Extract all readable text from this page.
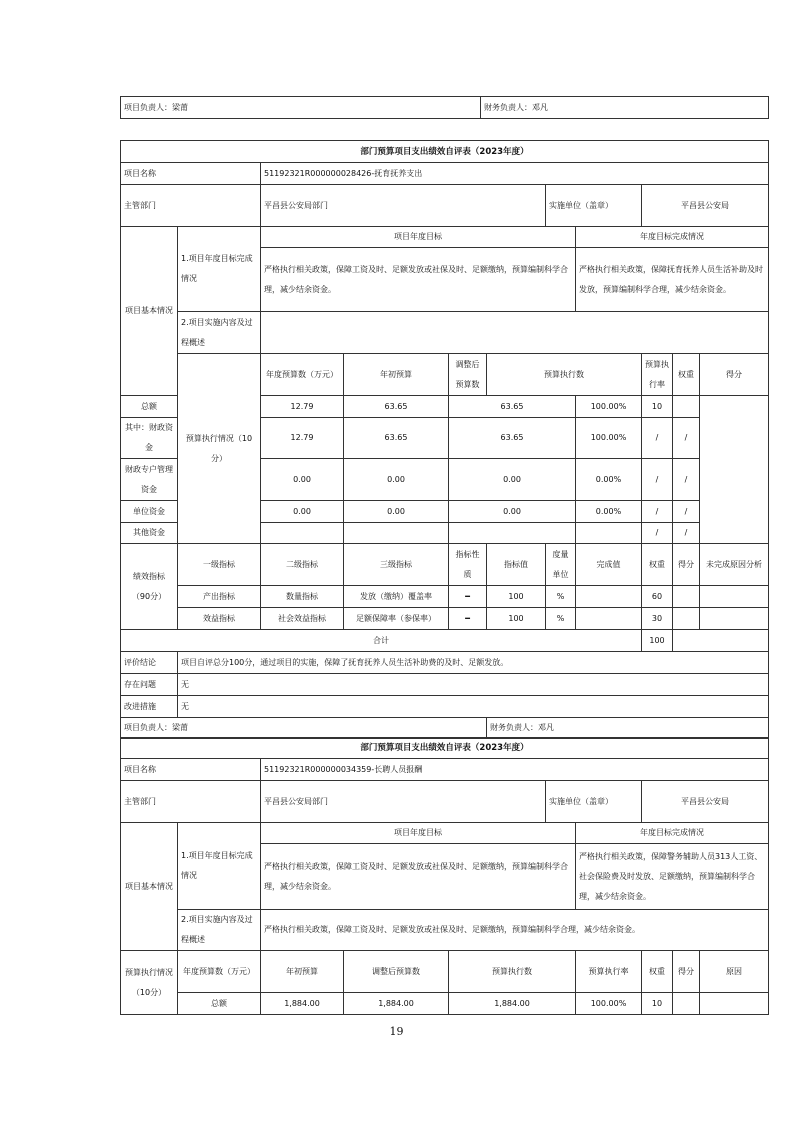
项目负责人：梁莆	财务负责人：邓凡
部门预算项目支出绩效自评表（2023年度）											
项目名称		51192321R000000028426-抚育抚养支出									
主管部门		平昌县公安局部门				实施单位（盖章）		平昌县公安局			
项目基本情况	1.项目年度目标完成情况	项目年度目标					年度目标完成情况				
		严格执行相关政策，保障工资及时、足额发放或社保及时、足额缴纳，预算编制科学合理，减少结余资金。					严格执行相关政策，保障抚育抚养人员生活补助及时发放，预算编制科学合理，减少结余资金。				
	2.项目实施内容及过程概述										
	预算执行情况（10分）	年度预算数（万元）	年初预算	调整后预算数	预算执行数			预算执行率	权重	得分	
总额		12.79	63.65	63.65			100.00%	10			
其中：财政资金		12.79	63.65	63.65			100.00%	/	/		
财政专户管理资金		0.00	0.00	0.00			0.00%	/	/		
单位资金		0.00	0.00	0.00			0.00%	/	/		
其他资金								/	/		
绩效指标（90分）	一级指标	二级指标	三级指标	指标性质	指标值	度量单位	完成值	权重	得分	未完成原因分析	
	产出指标	数量指标	发放（缴纳）覆盖率	━	100	%		60			
	效益指标	社会效益指标	足额保障率（参保率）	━	100	%		30			
合计								100			
评价结论	项目自评总分100分，通过项目的实施，保障了抚育抚养人员生活补助费的及时、足额发放。										
存在问题	无										
改进措施	无										
项目负责人：梁莆					财务负责人：邓凡						
部门预算项目支出绩效自评表（2023年度）									
项目名称		51192321R000000034359-长聘人员报酬							
主管部门		平昌县公安局部门			实施单位（盖章）		平昌县公安局		
项目基本情况	1.项目年度目标完成情况	项目年度目标				年度目标完成情况			
		严格执行相关政策，保障工资及时、足额发放或社保及时、足额缴纳，预算编制科学合理，减少结余资金。				严格执行相关政策，保障警务辅助人员313人工资、社会保险费及时发放、足额缴纳，预算编制科学合理，减少结余资金。			
	2.项目实施内容及过程概述	严格执行相关政策，保障工资及时、足额发放或社保及时、足额缴纳，预算编制科学合理，减少结余资金。							
预算执行情况（10分）	年度预算数（万元）	年初预算	调整后预算数	预算执行数		预算执行率	权重	得分	原因
	总额	1,884.00	1,884.00	1,884.00		100.00%	10		
19
